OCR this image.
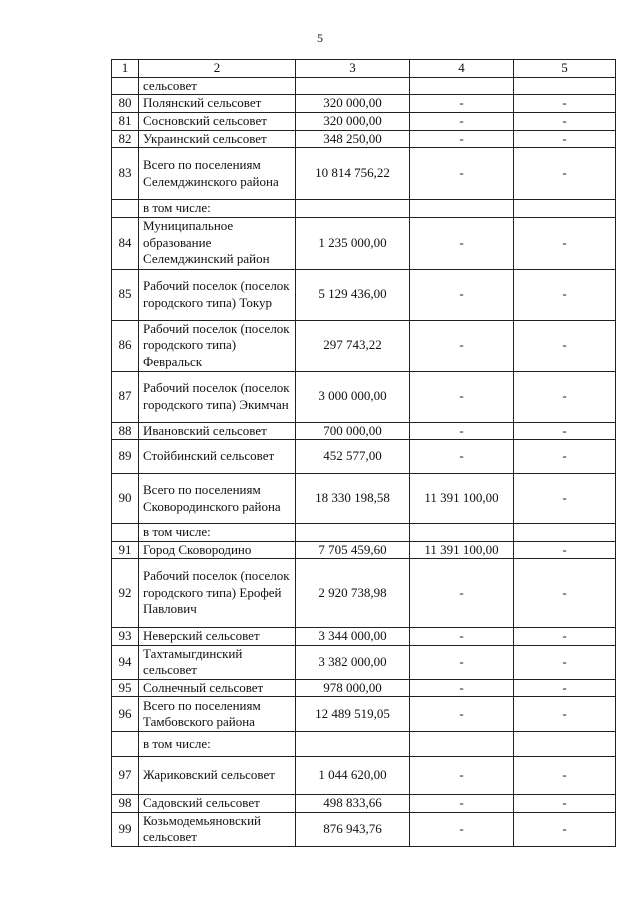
5
1	2	3	4	5
	сельсовет			
80	Полянский сельсовет	320 000,00	-	-
81	Сосновский сельсовет	320 000,00	-	-
82	Украинский сельсовет	348 250,00	-	-
83	Всего по поселениям Селемджинского района	10 814 756,22	-	-
	в том числе:			
84	Муниципальное образование Селемджинский район	1 235 000,00	-	-
85	Рабочий поселок (поселок городского типа) Токур	5 129 436,00	-	-
86	Рабочий поселок (поселок городского типа) Февральск	297 743,22	-	-
87	Рабочий поселок (поселок городского типа) Экимчан	3 000 000,00	-	-
88	Ивановский сельсовет	700 000,00	-	-
89	Стойбинский сельсовет	452 577,00	-	-
90	Всего по поселениям Сковородинского района	18 330 198,58	11 391 100,00	-
	в том числе:			
91	Город Сковородино	7 705 459,60	11 391 100,00	-
92	Рабочий поселок (поселок городского типа) Ерофей Павлович	2 920 738,98	-	-
93	Неверский сельсовет	3 344 000,00	-	-
94	Тахтамыгдинский сельсовет	3 382 000,00	-	-
95	Солнечный сельсовет	978 000,00	-	-
96	Всего по поселениям Тамбовского района	12 489 519,05	-	-
	в том числе:			
97	Жариковский сельсовет	1 044 620,00	-	-
98	Садовский сельсовет	498 833,66	-	-
99	Козьмодемьяновский сельсовет	876 943,76	-	-
